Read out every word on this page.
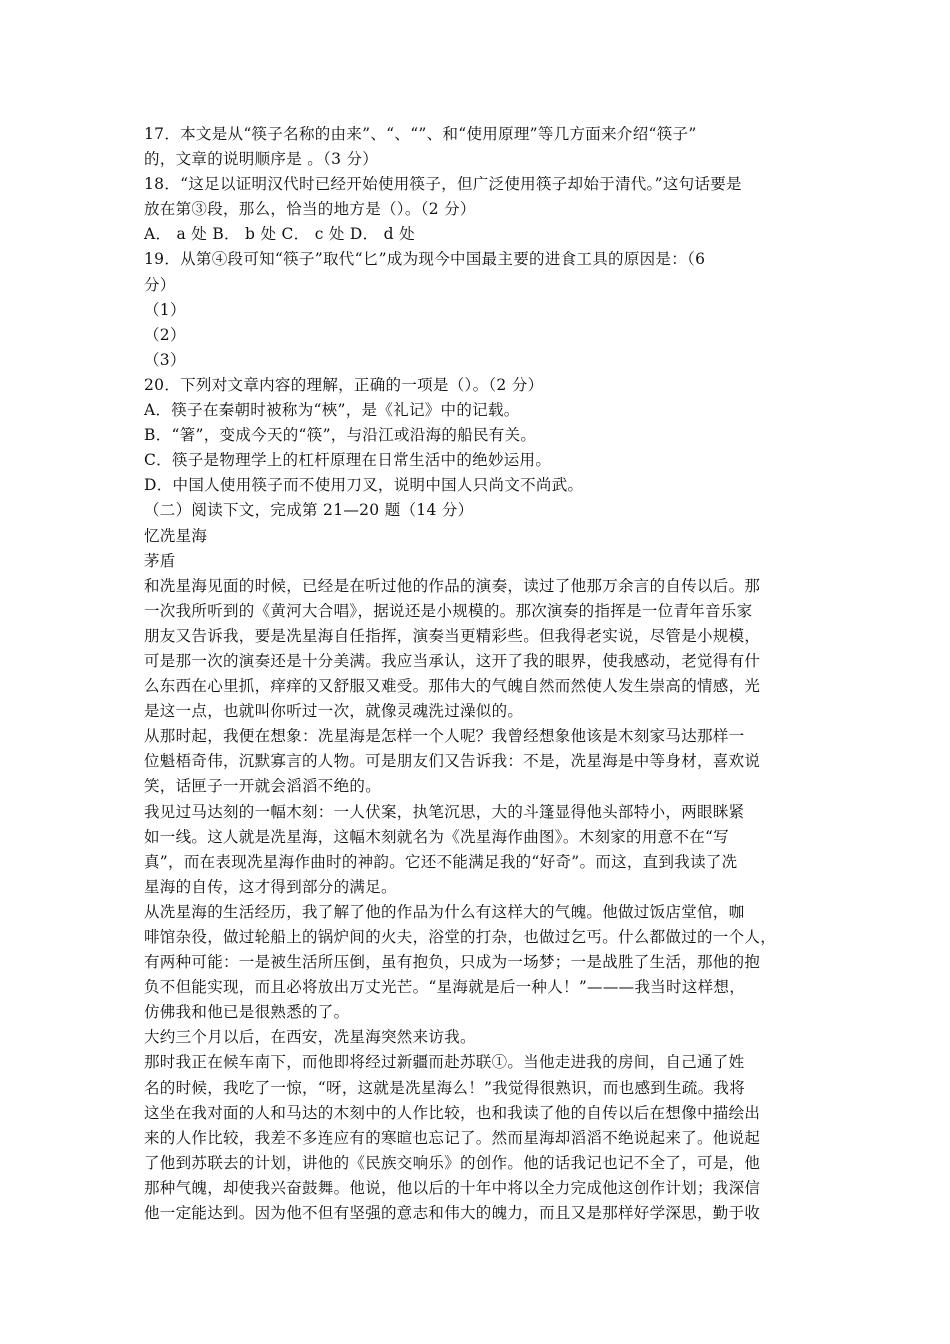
17．本文是从“筷子名称的由来”、“、“”、和“使用原理”等几方面来介绍“筷子”
的，文章的说明顺序是 。（3 分）
18．“这足以证明汉代时已经开始使用筷子，但广泛使用筷子却始于清代。”这句话要是
放在第③段，那么，恰当的地方是（）。（2 分）
A． a 处 B． b 处 C． c 处 D． d 处
19．从第④段可知“筷子”取代“匕”成为现今中国最主要的进食工具的原因是：（6
分）
（1）
（2）
（3）
20．下列对文章内容的理解，正确的一项是（）。（2 分）
A．筷子在秦朝时被称为“梜”，是《礼记》中的记载。
B．“箸”，变成今天的“筷”，与沿江或沿海的船民有关。
C．筷子是物理学上的杠杆原理在日常生活中的绝妙运用。
D．中国人使用筷子而不使用刀叉，说明中国人只尚文不尚武。
（二）阅读下文，完成第 21—20 题（14 分）
忆冼星海
茅盾
和冼星海见面的时候，已经是在听过他的作品的演奏，读过了他那万余言的自传以后。那
一次我所听到的《黄河大合唱》，据说还是小规模的。那次演奏的指挥是一位青年音乐家
朋友又告诉我，要是冼星海自任指挥，演奏当更精彩些。但我得老实说，尽管是小规模，
可是那一次的演奏还是十分美满。我应当承认，这开了我的眼界，使我感动，老觉得有什
么东西在心里抓，痒痒的又舒服又难受。那伟大的气魄自然而然使人发生崇高的情感，光
是这一点，也就叫你听过一次，就像灵魂洗过澡似的。
从那时起，我便在想象：冼星海是怎样一个人呢？我曾经想象他该是木刻家马达那样一
位魁梧奇伟，沉默寡言的人物。可是朋友们又告诉我：不是，冼星海是中等身材，喜欢说
笑，话匣子一开就会滔滔不绝的。
我见过马达刻的一幅木刻：一人伏案，执笔沉思，大的斗篷显得他头部特小，两眼眯紧
如一线。这人就是冼星海，这幅木刻就名为《冼星海作曲图》。木刻家的用意不在“写
真”，而在表现冼星海作曲时的神韵。它还不能满足我的“好奇”。而这，直到我读了冼
星海的自传，这才得到部分的满足。
从冼星海的生活经历，我了解了他的作品为什么有这样大的气魄。他做过饭店堂倌，咖
啡馆杂役，做过轮船上的锅炉间的火夫，浴堂的打杂，也做过乞丐。什么都做过的一个人，
有两种可能：一是被生活所压倒，虽有抱负，只成为一场梦；一是战胜了生活，那他的抱
负不但能实现，而且必将放出万丈光芒。“星海就是后一种人！”———我当时这样想，
仿佛我和他已是很熟悉的了。
大约三个月以后，在西安，冼星海突然来访我。
那时我正在候车南下，而他即将经过新疆而赴苏联①。当他走进我的房间，自己通了姓
名的时候，我吃了一惊，“呀，这就是冼星海么！”我觉得很熟识，而也感到生疏。我将
这坐在我对面的人和马达的木刻中的人作比较，也和我读了他的自传以后在想像中描绘出
来的人作比较，我差不多连应有的寒暄也忘记了。然而星海却滔滔不绝说起来了。他说起
了他到苏联去的计划，讲他的《民族交响乐》的创作。他的话我记也记不全了，可是，他
那种气魄，却使我兴奋鼓舞。他说，他以后的十年中将以全力完成他这创作计划；我深信
他一定能达到。因为他不但有坚强的意志和伟大的魄力，而且又是那样好学深思，勤于收
